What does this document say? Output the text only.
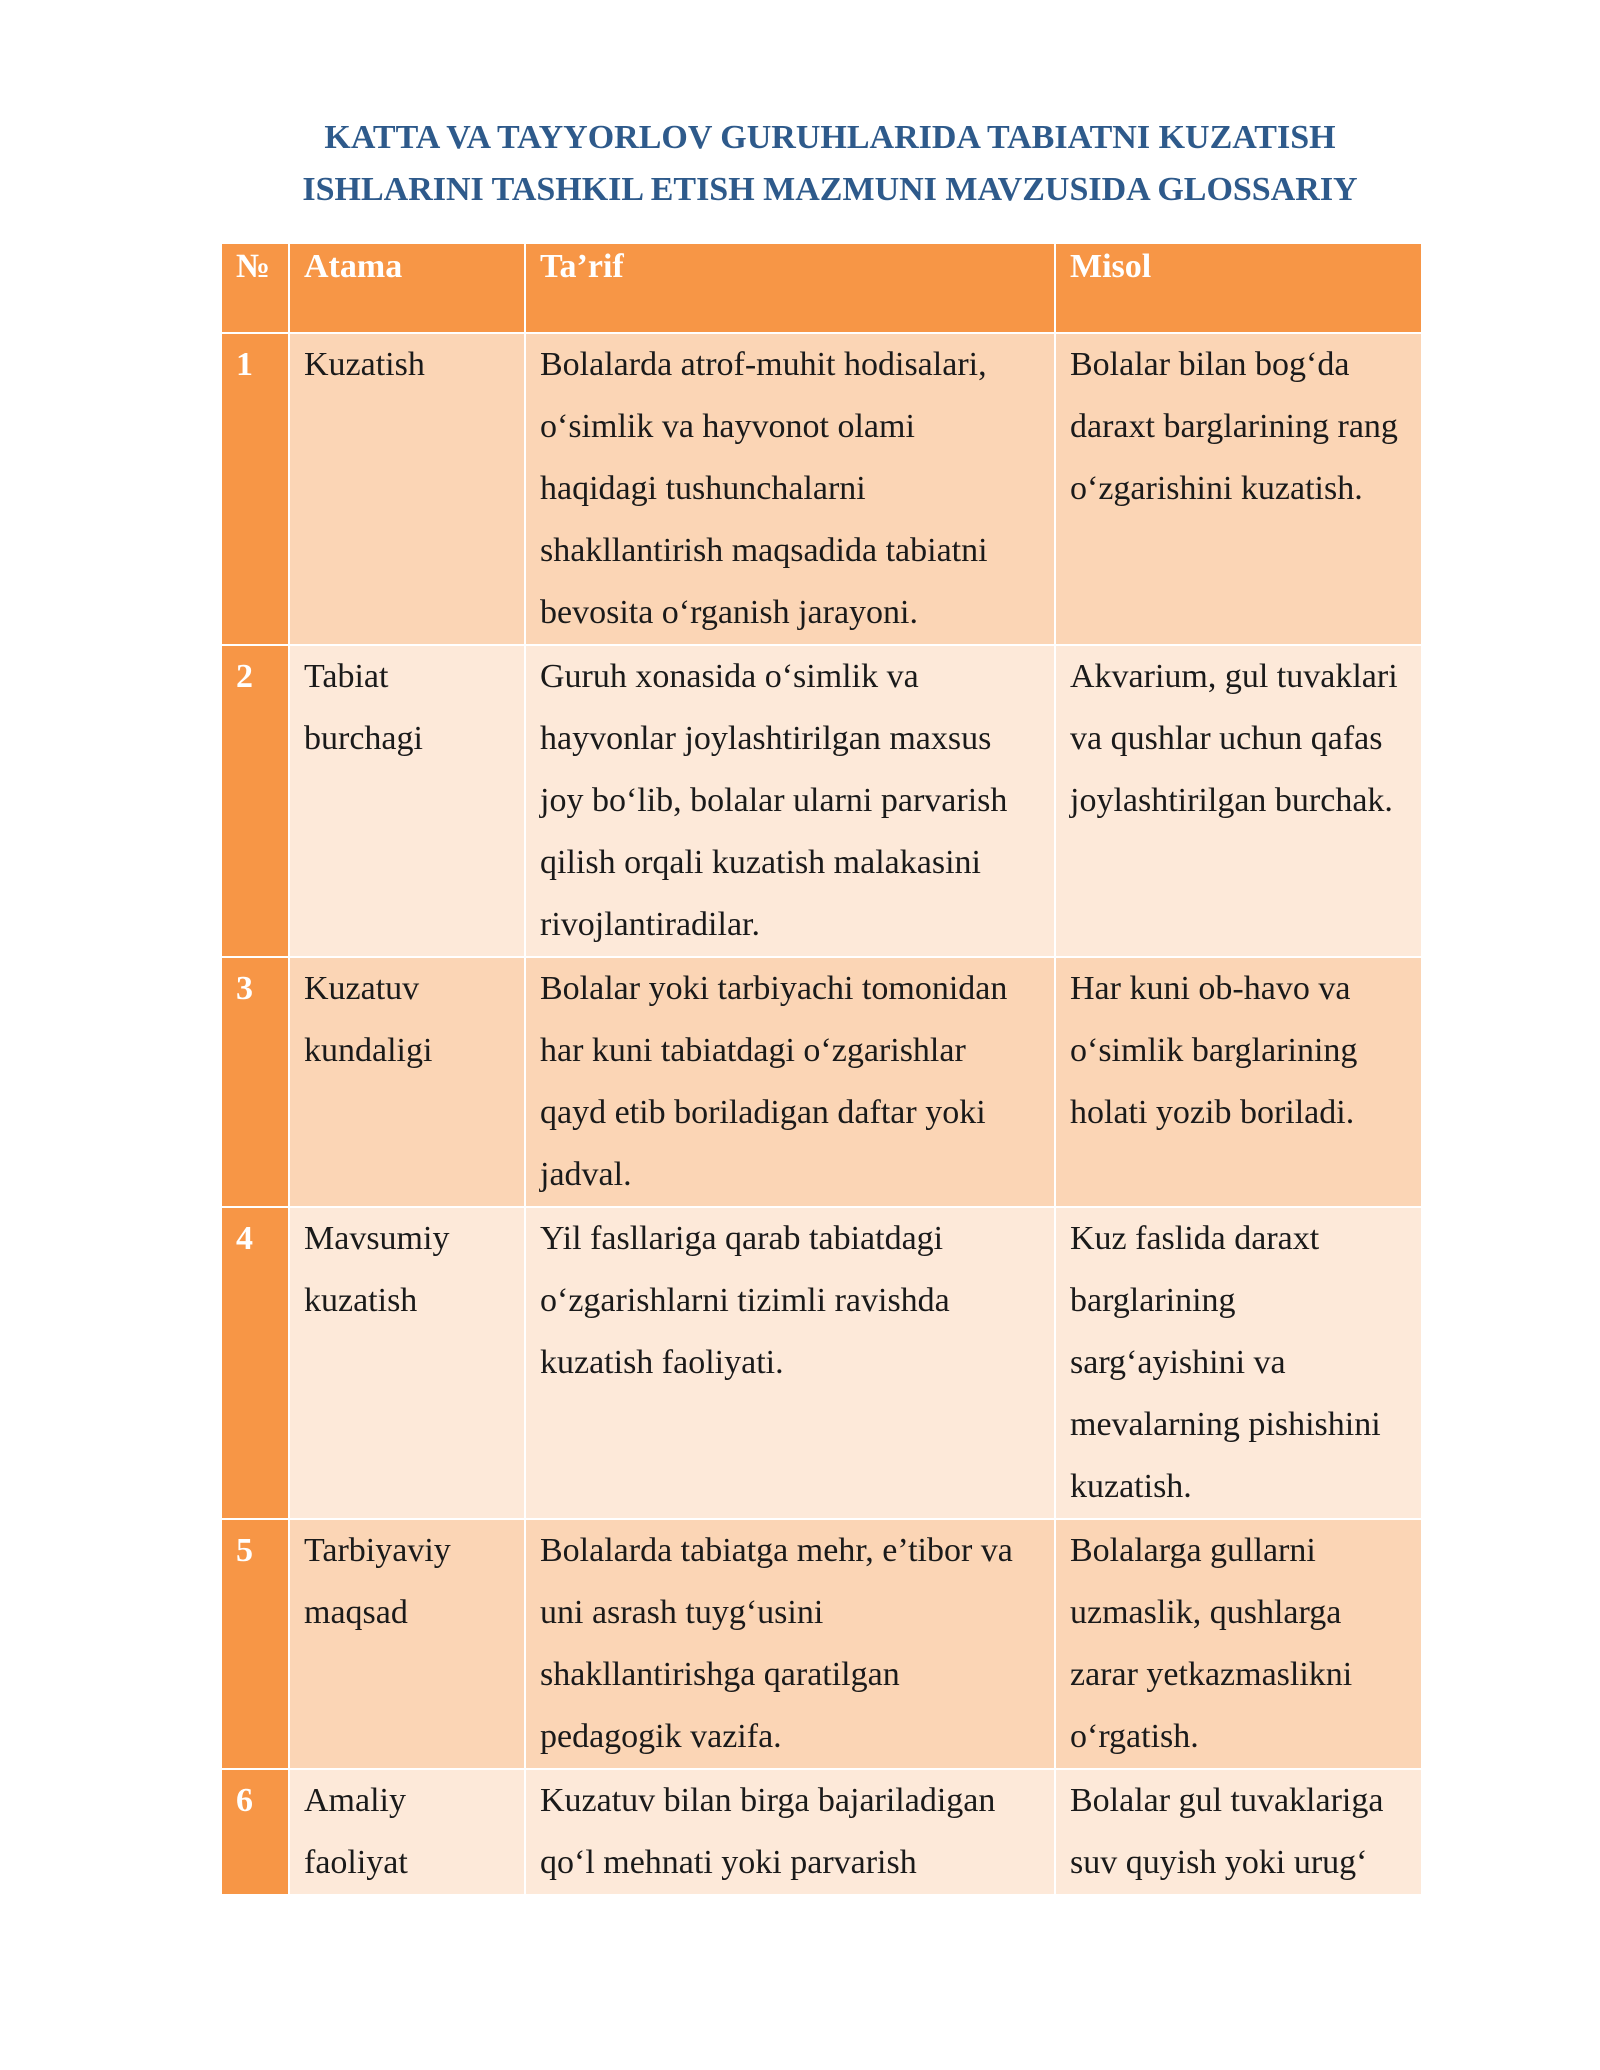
KATTA VA TAYYORLOV GURUHLARIDA TABIATNI KUZATISH
ISHLARINI TASHKIL ETISH MAZMUNI MAVZUSIDA GLOSSARIY
№	Atama	Ta’rif	Misol
1	Kuzatish	Bolalarda atrof-muhit hodisalari, o‘simlik va hayvonot olami haqidagi tushunchalarni shakllantirish maqsadida tabiatni bevosita o‘rganish jarayoni.	Bolalar bilan bog‘da daraxt barglarining rang o‘zgarishini kuzatish.
2	Tabiat burchagi	Guruh xonasida o‘simlik va hayvonlar joylashtirilgan maxsus joy bo‘lib, bolalar ularni parvarish qilish orqali kuzatish malakasini rivojlantiradilar.	Akvarium, gul tuvaklari va qushlar uchun qafas joylashtirilgan burchak.
3	Kuzatuv kundaligi	Bolalar yoki tarbiyachi tomonidan har kuni tabiatdagi o‘zgarishlar qayd etib boriladigan daftar yoki jadval.	Har kuni ob-havo va o‘simlik barglarining holati yozib boriladi.
4	Mavsumiy kuzatish	Yil fasllariga qarab tabiatdagi o‘zgarishlarni tizimli ravishda kuzatish faoliyati.	Kuz faslida daraxt barglarining sarg‘ayishini va mevalarning pishishini kuzatish.
5	Tarbiyaviy maqsad	Bolalarda tabiatga mehr, e’tibor va uni asrash tuyg‘usini shakllantirishga qaratilgan pedagogik vazifa.	Bolalarga gullarni uzmaslik, qushlarga zarar yetkazmaslikni o‘rgatish.
6	Amaliy faoliyat	Kuzatuv bilan birga bajariladigan qo‘l mehnati yoki parvarish	Bolalar gul tuvaklariga suv quyish yoki urug‘
